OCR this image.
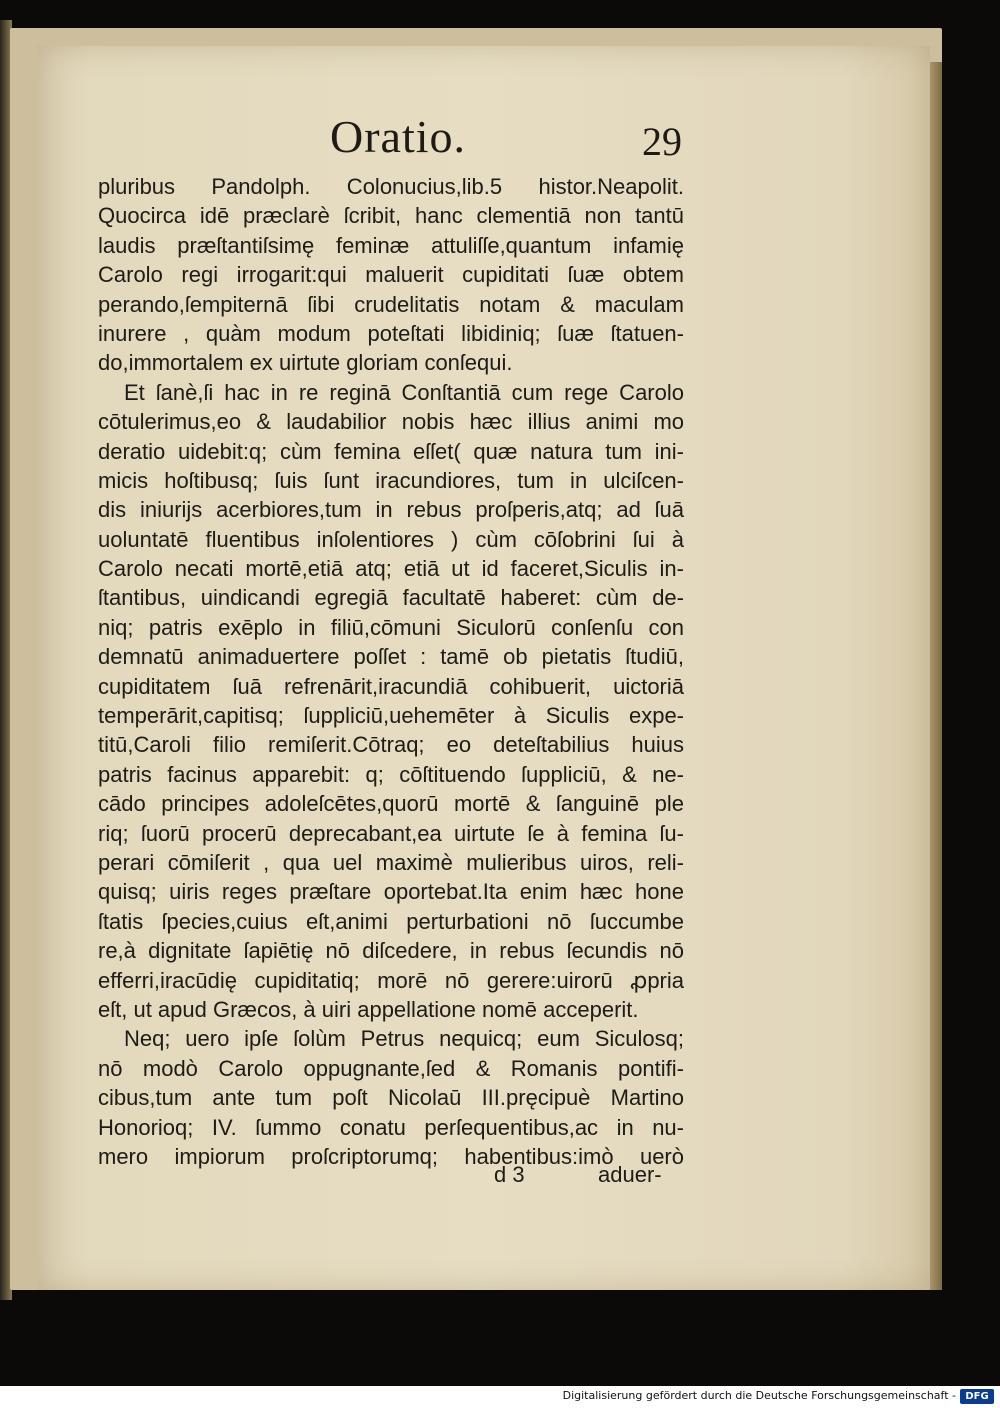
Oratio.	29
pluribus Pandolph. Colonucius,lib.5 histor.Neapolit.
Quocirca idē præclarè ſcribit, hanc clementiā non tantū
laudis præſtantiſsimę feminæ attuliſſe,quantum infamię
Carolo regi irrogarit:qui maluerit cupiditati ſuæ obtem
perando,ſempiternā ſibi crudelitatis notam & maculam
inurere , quàm modum poteſtati libidiniq; ſuæ ſtatuen-
do,immortalem ex uirtute gloriam conſequi.
Et ſanè,ſi hac in re reginā Conſtantiā cum rege Carolo
cōtulerimus,eo & laudabilior nobis hæc illius animi mo
deratio uidebit:q; cùm femina eſſet( quæ natura tum ini-
micis hoſtibusq; ſuis ſunt iracundiores, tum in ulciſcen-
dis iniurijs acerbiores,tum in rebus proſperis,atq; ad ſuā
uoluntatē fluentibus inſolentiores ) cùm cōſobrini ſui à
Carolo necati mortē,etiā atq; etiā ut id faceret,Siculis in-
ſtantibus, uindicandi egregiā facultatē haberet: cùm de-
niq; patris exēplo in filiū,cōmuni Siculorū conſenſu con
demnatū animaduertere poſſet : tamē ob pietatis ſtudiū,
cupiditatem ſuā refrenārit,iracundiā cohibuerit, uictoriā
temperārit,capitisq; ſuppliciū,uehemēter à Siculis expe-
titū,Caroli filio remiſerit.Cōtraq; eo deteſtabilius huius
patris facinus apparebit: q; cōſtituendo ſuppliciū, & ne-
cādo principes adoleſcētes,quorū mortē & ſanguinē ple
riq; ſuorū procerū deprecabant,ea uirtute ſe à femina ſu-
perari cōmiſerit , qua uel maximè mulieribus uiros, reli-
quisq; uiris reges præſtare oportebat.Ita enim hæc hone
ſtatis ſpecies,cuius eſt,animi perturbationi nō ſuccumbe
re,à dignitate ſapiētię nō diſcedere, in rebus ſecundis nō
efferri,iracūdię cupiditatiq; morē nō gerere:uirorū ꝓpria
eſt, ut apud Græcos, à uiri appellatione nomē acceperit.
Neq; uero ipſe ſolùm Petrus nequicq; eum Siculosq;
nō modò Carolo oppugnante,ſed & Romanis pontifi-
cibus,tum ante tum poſt Nicolaū III.pręcipuè Martino
Honorioq; IV. ſummo conatu perſequentibus,ac in nu-
mero impiorum proſcriptorumq; habentibus:imò uerò
d 3	aduer-
Digitalisierung gefördert durch die Deutsche Forschungsgemeinschaft - DFG
